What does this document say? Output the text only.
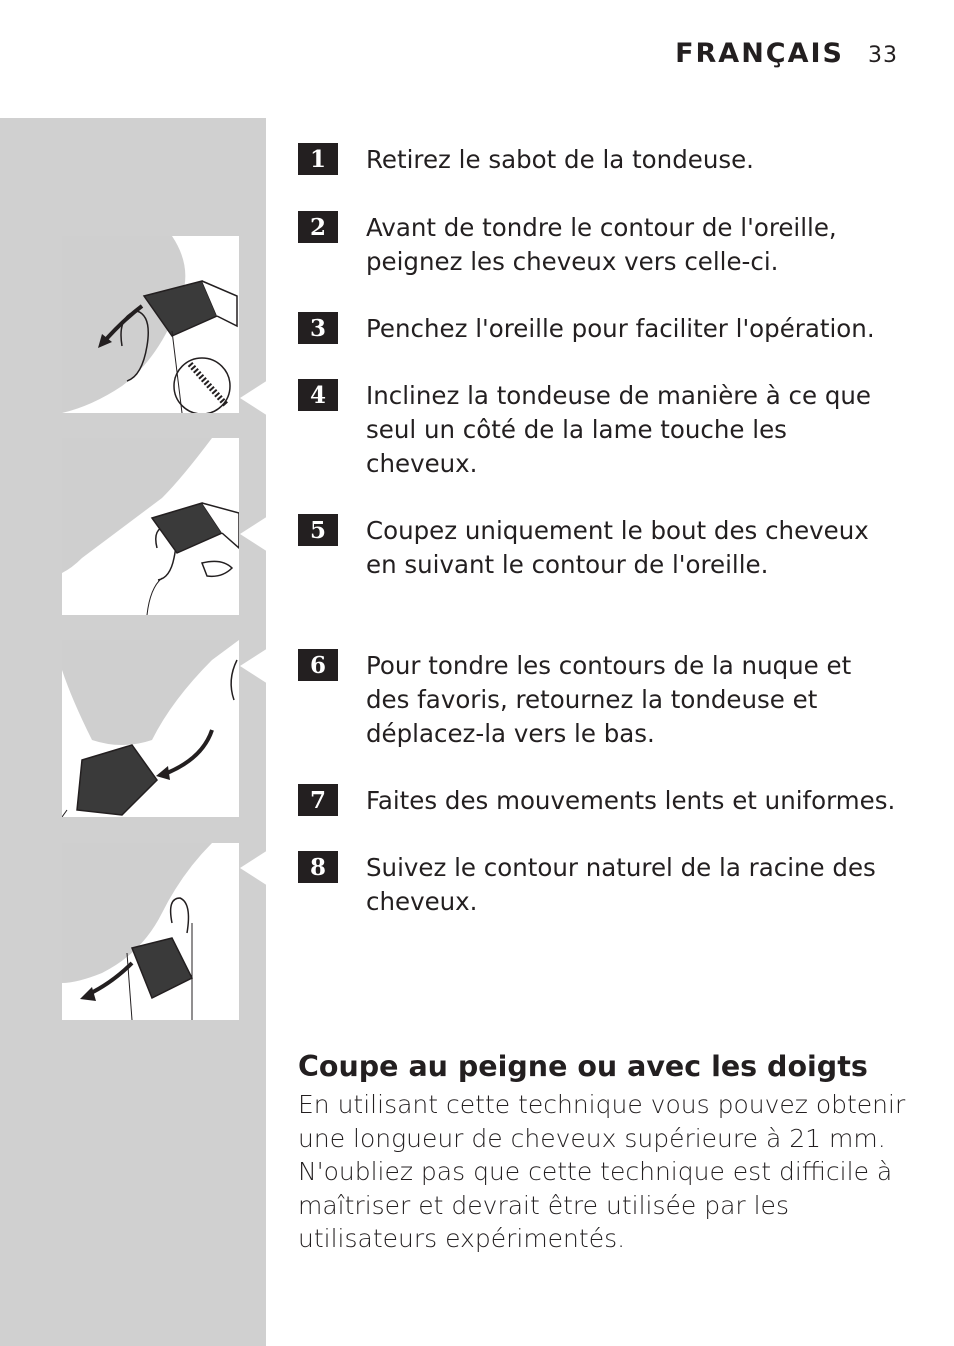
FRANÇAIS 33
1	Retirez le sabot de la tondeuse.
2	Avant de tondre le contour de l'oreille, peignez les cheveux vers celle-ci.
3	Penchez l'oreille pour faciliter l'opération.
4	Inclinez la tondeuse de manière à ce que seul un côté de la lame touche les cheveux.
5	Coupez uniquement le bout des cheveux en suivant le contour de l'oreille.
6	Pour tondre les contours de la nuque et des favoris, retournez la tondeuse et déplacez-la vers le bas.
7	Faites des mouvements lents et uniformes.
8	Suivez le contour naturel de la racine des cheveux.
Coupe au peigne ou avec les doigts
En utilisant cette technique vous pouvez obtenir une longueur de cheveux supérieure à 21 mm. N'oubliez pas que cette technique est difficile à maîtriser et devrait être utilisée par les utilisateurs expérimentés.
